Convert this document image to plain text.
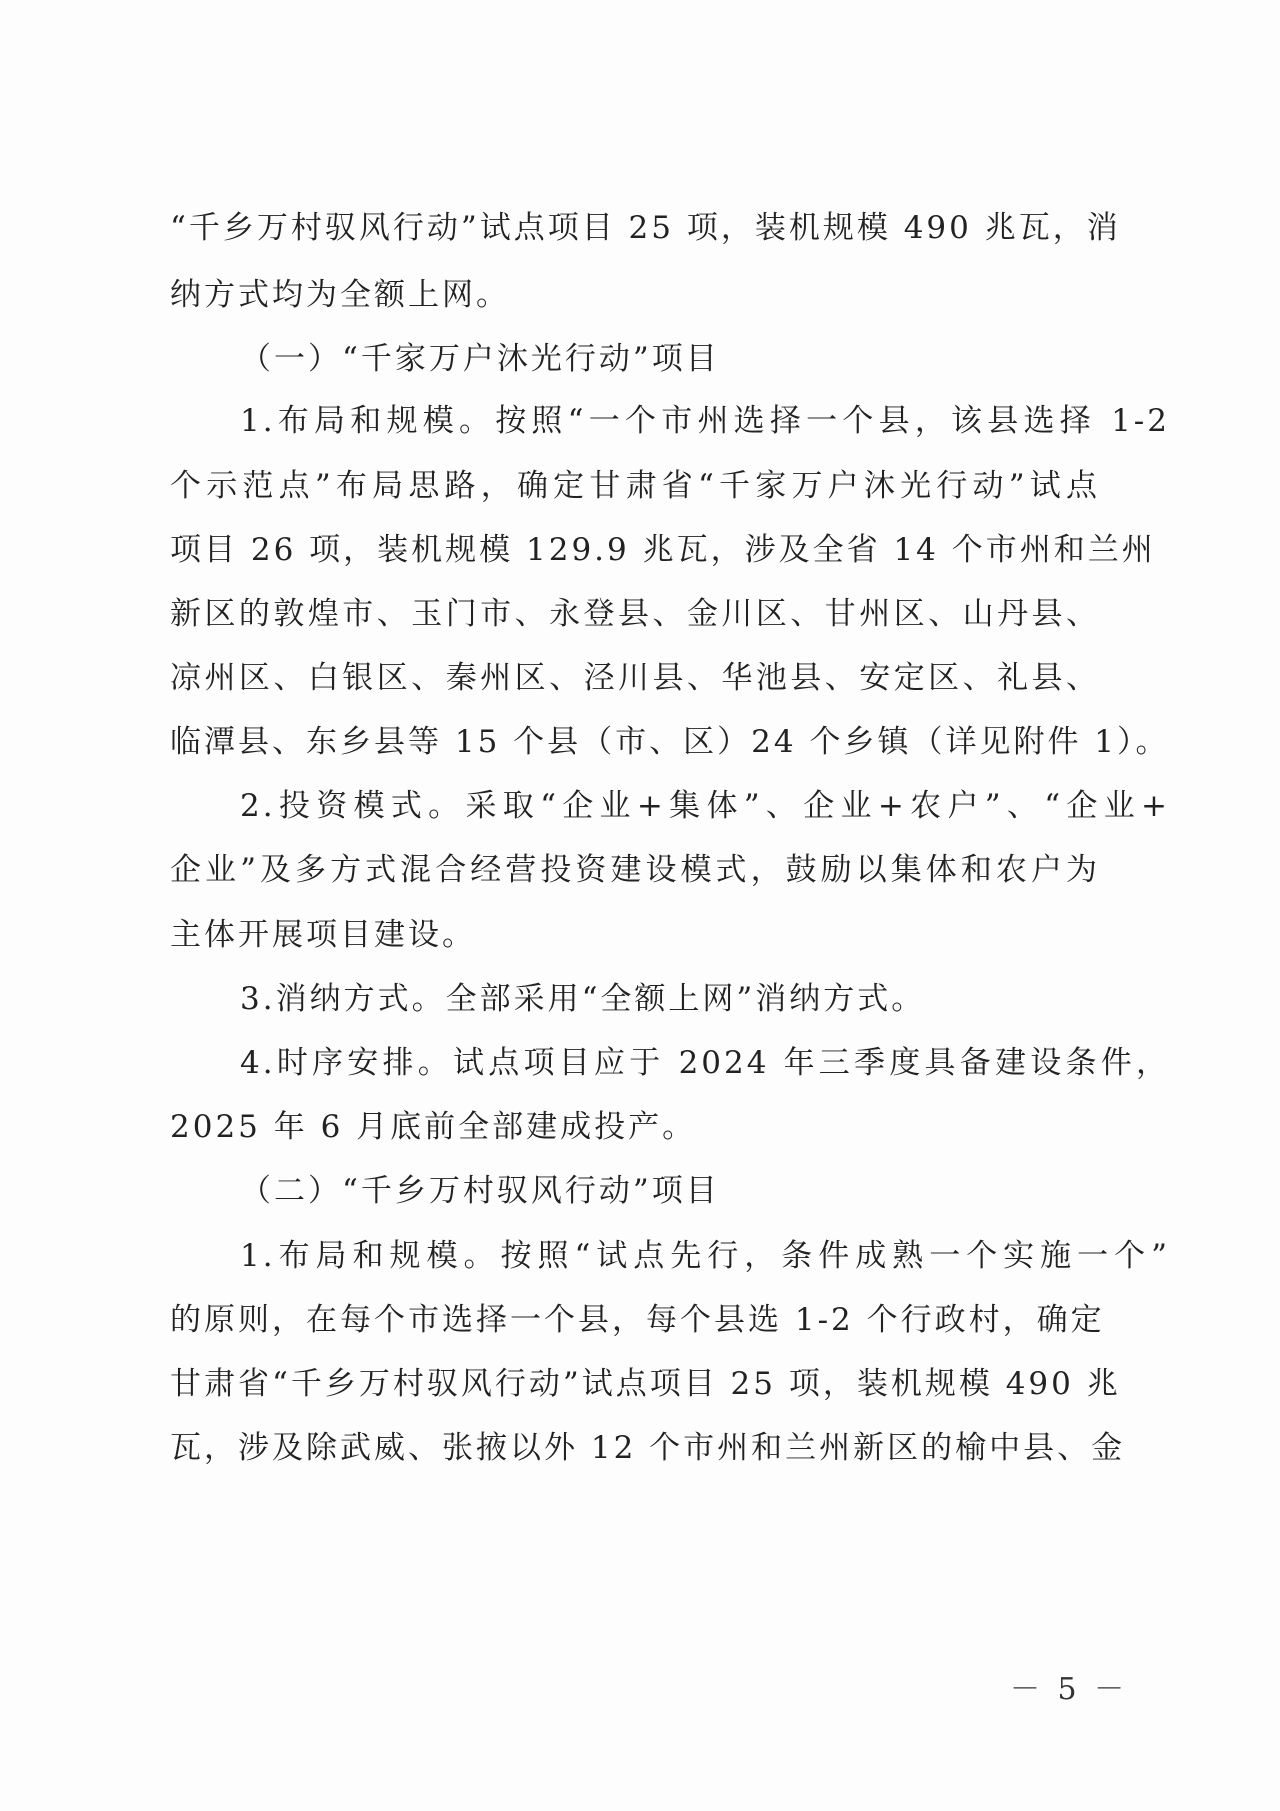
“千乡万村驭风行动”试点项目 25 项，装机规模 490 兆瓦，消
纳方式均为全额上网。
（一）“千家万户沐光行动”项目
1.布局和规模。按照“一个市州选择一个县，该县选择 1-2
个示范点”布局思路，确定甘肃省“千家万户沐光行动”试点
项目 26 项，装机规模 129.9 兆瓦，涉及全省 14 个市州和兰州
新区的敦煌市、玉门市、永登县、金川区、甘州区、山丹县、
凉州区、白银区、秦州区、泾川县、华池县、安定区、礼县、
临潭县、东乡县等 15 个县（市、区）24 个乡镇（详见附件 1）。
2.投资模式。采取“企业+集体”、企业+农户”、“企业+
企业”及多方式混合经营投资建设模式，鼓励以集体和农户为
主体开展项目建设。
3.消纳方式。全部采用“全额上网”消纳方式。
4.时序安排。试点项目应于 2024 年三季度具备建设条件，
2025 年 6 月底前全部建成投产。
（二）“千乡万村驭风行动”项目
1.布局和规模。按照“试点先行，条件成熟一个实施一个”
的原则，在每个市选择一个县，每个县选 1-2 个行政村，确定
甘肃省“千乡万村驭风行动”试点项目 25 项，装机规模 490 兆
瓦，涉及除武威、张掖以外 12 个市州和兰州新区的榆中县、金
－ 5 －
